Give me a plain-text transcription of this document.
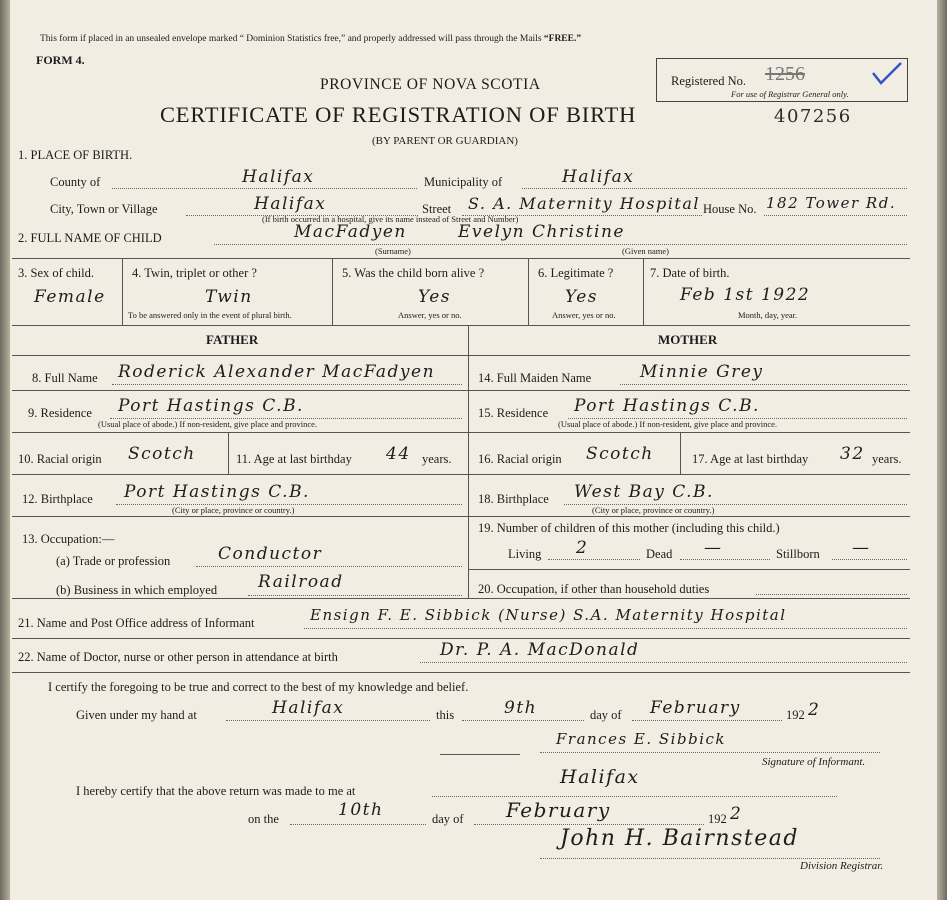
This form if placed in an unsealed envelope marked “ Dominion Statistics free,” and properly addressed will pass through the Mails “FREE.”
FORM 4.
PROVINCE OF NOVA SCOTIA
CERTIFICATE OF REGISTRATION OF BIRTH	407256
(BY PARENT OR GUARDIAN)
Registered No. 1256
For use of Registrar General only.
1. PLACE OF BIRTH.
County of	Halifax	Municipality of	Halifax
City, Town or Village	Halifax	Street S. A. Maternity Hospital House No. 182 Tower Rd.
(If birth occurred in a hospital, give its name instead of Street and Number)
2. FULL NAME OF CHILD	MacFadyen	Evelyn Christine
(Surname)	(Given name)
3. Sex of child.
Female
4. Twin, triplet or other ?
Twin
To be answered only in the event of plural birth.
5. Was the child born alive ?
Yes
Answer, yes or no.
6. Legitimate ?
Yes
Answer, yes or no.
7. Date of birth.
Feb 1st 1922
Month, day, year.
FATHER	MOTHER
8. Full Name Roderick Alexander MacFadyen
9. Residence Port Hastings C.B.
(Usual place of abode.) If non-resident, give place and province.
10. Racial origin Scotch	11. Age at last birthday 44 years.
12. Birthplace Port Hastings C.B.
(City or place, province or country.)
13. Occupation:—
(a) Trade or profession	Conductor
(b) Business in which employed Railroad
14. Full Maiden Name	Minnie Grey
15. Residence Port Hastings C.B.
(Usual place of abode.) If non-resident, give place and province.
16. Racial origin Scotch	17. Age at last birthday 32 years.
18. Birthplace West Bay C.B.
(City or place, province or country.)
19. Number of children of this mother (including this child.)
Living 2	Dead —	Stillborn —
20. Occupation, if other than household duties
21. Name and Post Office address of Informant	Ensign F. E. Sibbick (Nurse) S.A. Maternity Hospital
22. Name of Doctor, nurse or other person in attendance at birth	Dr. P. A. MacDonald
I certify the foregoing to be true and correct to the best of my knowledge and belief.
Given under my hand at	Halifax	this	9th	day of February	192 2
Frances E. Sibbick
Signature of Informant.
I hereby certify that the above return was made to me at
Halifax
on the	10th	day of February	192 2
John H. Bairnstead
Division Registrar.
